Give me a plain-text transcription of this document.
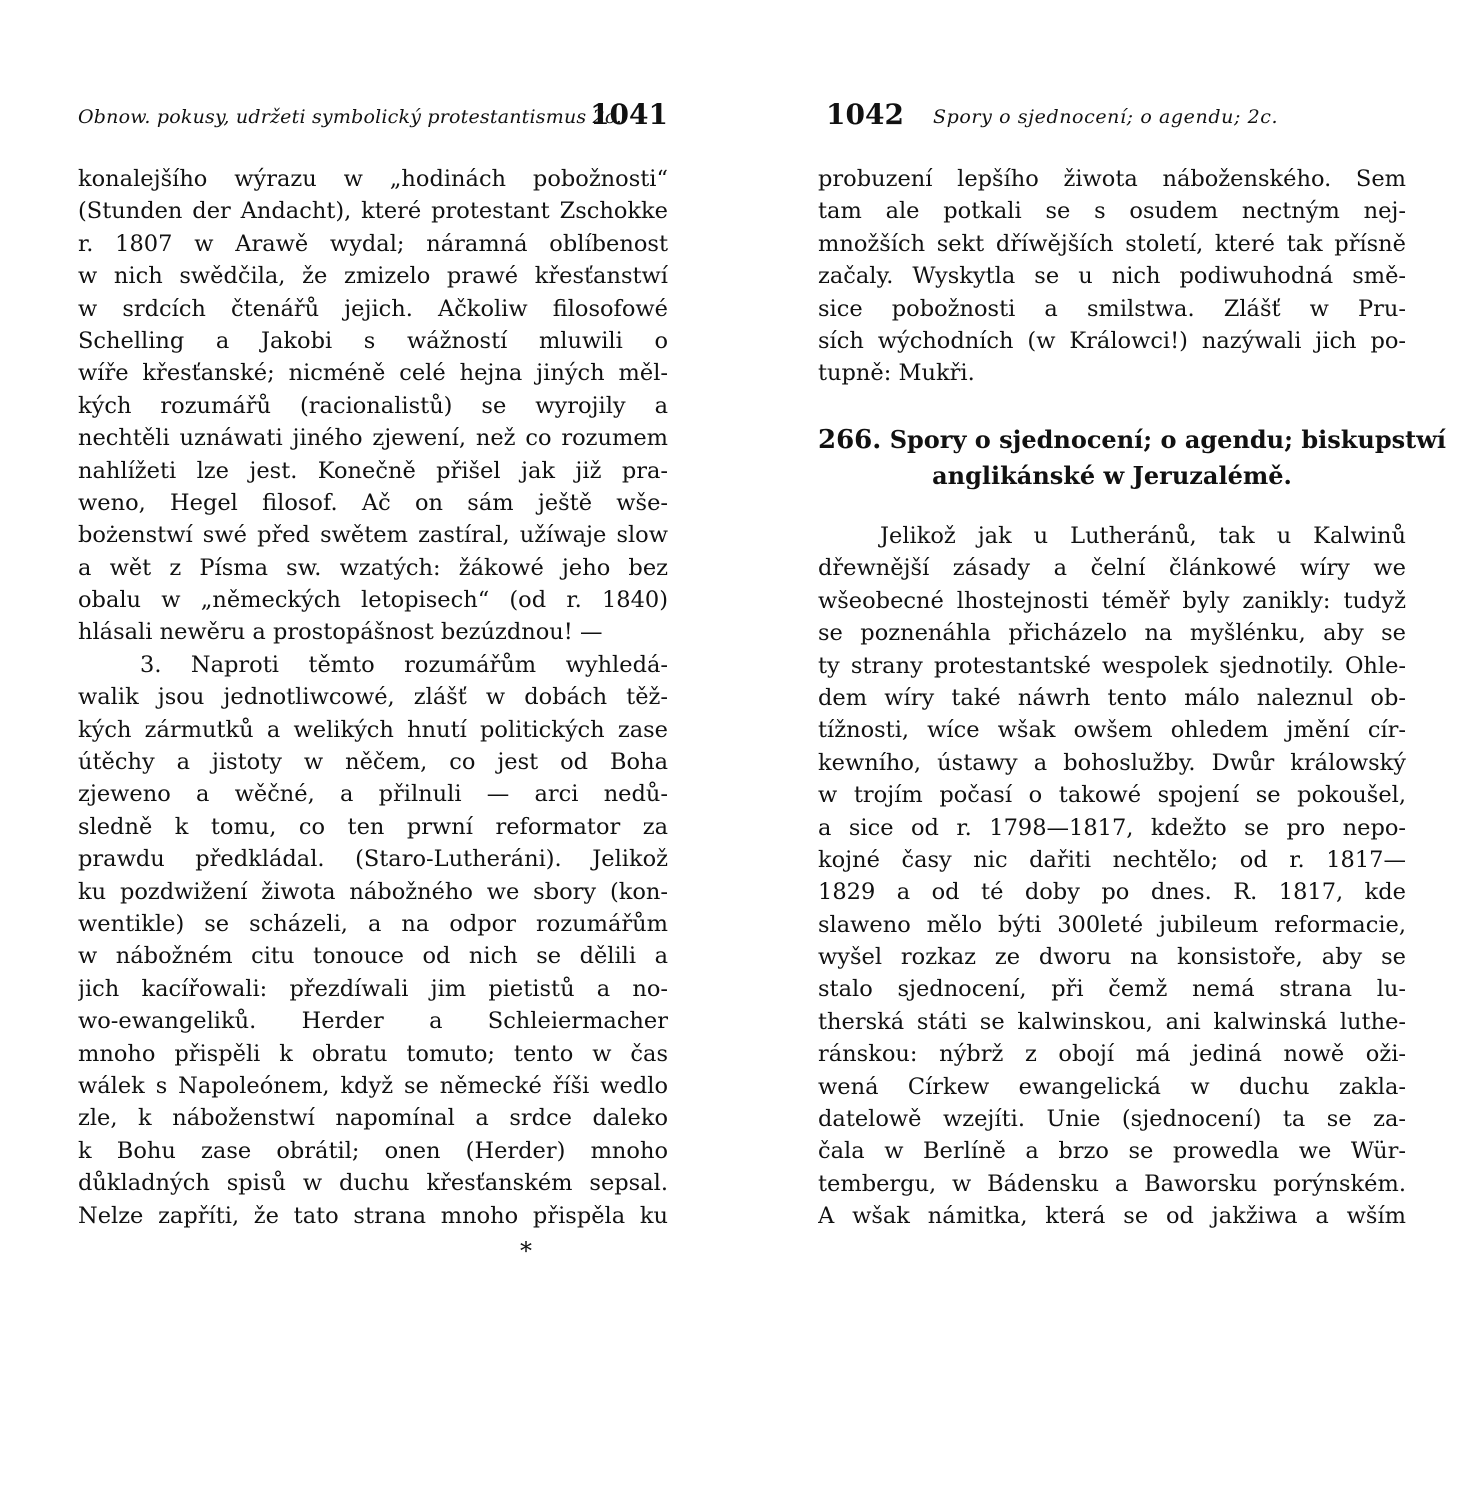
Obnow. pokusy, udržeti symbolický protestantismus 2c.
1041
konalejšího wýrazu w „hodinách pobožnosti“
(Stunden der Andacht), které protestant Zschokke
r. 1807 w Arawě wydal; náramná oblíbenost
w nich swědčila, že zmizelo prawé křesťanstwí
w srdcích čtenářů jejich. Ačkoliw filosofowé
Schelling a Jakobi s wážností mluwili o
wíře křesťanské; nicméně celé hejna jiných měl-
kých rozumářů (racionalistů) se wyrojily a
nechtěli uznáwati jiného zjewení, než co rozumem
nahlížeti lze jest. Konečně přišel jak již pra-
weno, Hegel filosof. Ač on sám ještě wše-
bożenstwí swé před swětem zastíral, užíwaje slow
a wět z Písma sw. wzatých: žákowé jeho bez
obalu w „německých letopisech“ (od r. 1840)
hlásali newěru a prostopášnost bezúzdnou! —
3. Naproti těmto rozumářům wyhledá-
walik jsou jednotliwcowé, zlášť w dobách těž-
kých zármutků a welikých hnutí politických zase
útěchy a jistoty w něčem, co jest od Boha
zjeweno a wěčné, a přilnuli — arci nedů-
sledně k tomu, co ten prwní reformator za
prawdu předkládal. (Staro-Lutheráni). Jelikož
ku pozdwižení žiwota nábožného we sbory (kon-
wentikle) se scházeli, a na odpor rozumářům
w nábožném citu tonouce od nich se dělili a
jich kacířowali: přezdíwali jim pietistů a no-
wo-ewangeliků. Herder a Schleiermacher
mnoho přispěli k obratu tomuto; tento w čas
wálek s Napoleónem, když se německé říši wedlo
zle, k náboženstwí napomínal a srdce daleko
k Bohu zase obrátil; onen (Herder) mnoho
důkladných spisů w duchu křesťanském sepsal.
Nelze zapříti, že tato strana mnoho přispěla ku
*
1042 Spory o sjednocení; o agendu; 2c.
probuzení lepšího žiwota náboženského. Sem
tam ale potkali se s osudem nectným nej-
množších sekt dříwějších století, které tak přísně
začaly. Wyskytla se u nich podiwuhodná smě-
sice pobožnosti a smilstwa. Zlášť w Pru-
sích wýchodních (w Králowci!) nazýwali jich po-
tupně: Mukři.
266. Spory o sjednocení; o agendu; biskupstwí
anglikánské w Jeruzalémě.
Jelikož jak u Lutheránů, tak u Kalwinů
dřewnější zásady a čelní článkowé wíry we
wšeobecné lhostejnosti téměř byly zanikly: tudyž
se poznenáhla přicházelo na myšlénku, aby se
ty strany protestantské wespolek sjednotily. Ohle-
dem wíry také náwrh tento málo naleznul ob-
tížnosti, wíce wšak owšem ohledem jmění cír-
kewního, ústawy a bohoslužby. Dwůr králowský
w trojím počasí o takowé spojení se pokoušel,
a sice od r. 1798—1817, kdežto se pro nepo-
kojné časy nic dařiti nechtělo; od r. 1817—
1829 a od té doby po dnes. R. 1817, kde
slaweno mělo býti 300leté jubileum reformacie,
wyšel rozkaz ze dworu na konsistoře, aby se
stalo sjednocení, při čemž nemá strana lu-
therská státi se kalwinskou, ani kalwinská luthe-
ránskou: nýbrž z obojí má jediná nowě oži-
wená Církew ewangelická w duchu zakla-
datelowě wzejíti. Unie (sjednocení) ta se za-
čala w Berlíně a brzo se prowedla we Wür-
tembergu, w Bádensku a Baworsku porýnském.
A wšak námitka, která se od jakžiwa a wším
